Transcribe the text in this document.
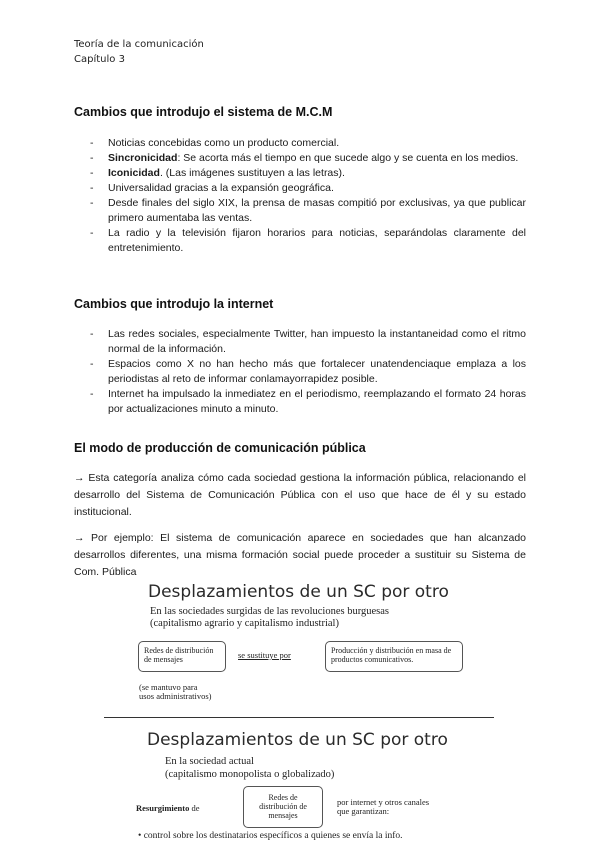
Teoría de la comunicación
Capítulo 3
Cambios que introdujo el sistema de M.C.M
- Noticias concebidas como un producto comercial.
- Sincronicidad: Se acorta más el tiempo en que sucede algo y se cuenta en los medios.
- Iconicidad. (Las imágenes sustituyen a las letras).
- Universalidad gracias a la expansión geográfica.
- Desde finales del siglo XIX, la prensa de masas compitió por exclusivas, ya que publicar primero aumentaba las ventas.
- La radio y la televisión fijaron horarios para noticias, separándolas claramente del entretenimiento.
Cambios que introdujo la internet
- Las redes sociales, especialmente Twitter, han impuesto la instantaneidad como el ritmo normal de la información.
- Espacios como X no han hecho más que fortalecer unatendenciaque emplaza a los periodistas al reto de informar conlamayorrapidez posible.
- Internet ha impulsado la inmediatez en el periodismo, reemplazando el formato 24 horas por actualizaciones minuto a minuto.
El modo de producción de comunicación pública

→ Esta categoría analiza cómo cada sociedad gestiona la información pública, relacionando el desarrollo del Sistema de Comunicación Pública con el uso que hace de él y su estado institucional.

→ Por ejemplo: El sistema de comunicación aparece en sociedades que han alcanzado desarrollos diferentes, una misma formación social puede proceder a sustituir su Sistema de Com. Pública

Desplazamientos de un SC por otro
En las sociedades surgidas de las revoluciones burguesas
(capitalismo agrario y capitalismo industrial)
Redes de distribución de mensajes	se sustituye por	Producción y distribución en masa de productos comunicativos.
(se mantuvo para
usos administrativos)
Desplazamientos de un SC por otro
En la sociedad actual
(capitalismo monopolista o globalizado)
Resurgimiento de
Redes de distribución de mensajes
por internet y otros canales
que garantizan:
• control sobre los destinatarios específicos a quienes se envía la info.
